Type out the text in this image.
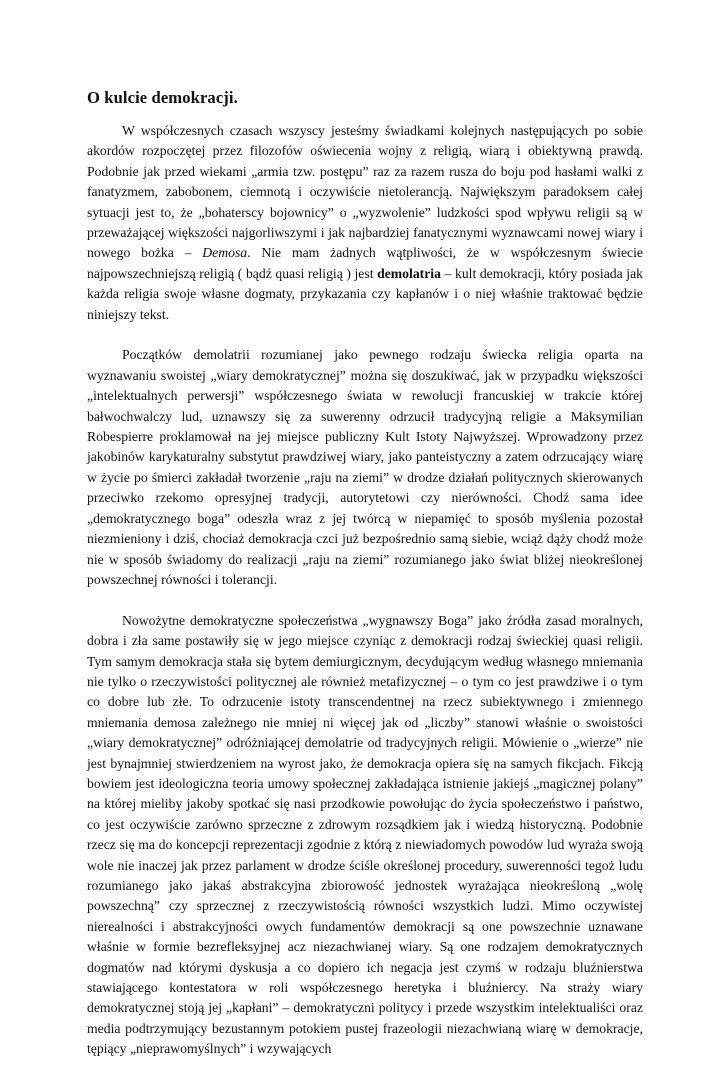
O kulcie demokracji.

W współczesnych czasach wszyscy jesteśmy świadkami kolejnych następujących po sobie akordów rozpoczętej przez filozofów oświecenia wojny z religią, wiarą i obiektywną prawdą. Podobnie jak przed wiekami „armia tzw. postępu” raz za razem rusza do boju pod hasłami walki z fanatyzmem, zabobonem, ciemnotą i oczywiście nietolerancją. Największym paradoksem całej sytuacji jest to, że „bohaterscy bojownicy” o „wyzwolenie” ludzkości spod wpływu religii są w przeważającej większości najgorliwszymi i jak najbardziej fanatycznymi wyznawcami nowej wiary i nowego bożka – Demosa. Nie mam żadnych wątpliwości, że w współczesnym świecie najpowszechniejszą religią ( bądź quasi religią ) jest demolatria – kult demokracji, który posiada jak każda religia swoje własne dogmaty, przykazania czy kapłanów i o niej właśnie traktować będzie niniejszy tekst.

Początków demolatrii rozumianej jako pewnego rodzaju świecka religia oparta na wyznawaniu swoistej „wiary demokratycznej” można się doszukiwać, jak w przypadku większości „intelektualnych perwersji” współczesnego świata w rewolucji francuskiej w trakcie której bałwochwalczy lud, uznawszy się za suwerenny odrzucił tradycyjną religie a Maksymilian Robespierre proklamował na jej miejsce publiczny Kult Istoty Najwyższej. Wprowadzony przez jakobinów karykaturalny substytut prawdziwej wiary, jako panteistyczny a zatem odrzucający wiarę w życie po śmierci zakładał tworzenie „raju na ziemi” w drodze działań politycznych skierowanych przeciwko rzekomo opresyjnej tradycji, autorytetowi czy nierówności. Chodź sama idee „demokratycznego boga” odeszła wraz z jej twórcą w niepamięć to sposób myślenia pozostał niezmieniony i dziś, chociaż demokracja czci już bezpośrednio samą siebie, wciąż dąży chodź może nie w sposób świadomy do realizacji „raju na ziemi” rozumianego jako świat bliżej nieokreślonej powszechnej równości i tolerancji.

Nowożytne demokratyczne społeczeństwa „wygnawszy Boga” jako źródła zasad moralnych, dobra i zła same postawiły się w jego miejsce czyniąc z demokracji rodzaj świeckiej quasi religii. Tym samym demokracja stała się bytem demiurgicznym, decydującym według własnego mniemania nie tylko o rzeczywistości politycznej ale również metafizycznej – o tym co jest prawdziwe i o tym co dobre lub złe. To odrzucenie istoty transcendentnej na rzecz subiektywnego i zmiennego mniemania demosa zależnego nie mniej ni więcej jak od „liczby” stanowi właśnie o swoistości „wiary demokratycznej” odróżniającej demolatrie od tradycyjnych religii. Mówienie o „wierze” nie jest bynajmniej stwierdzeniem na wyrost jako, że demokracja opiera się na samych fikcjach. Fikcją bowiem jest ideologiczna teoria umowy społecznej zakładająca istnienie jakiejś „magicznej polany” na której mieliby jakoby spotkać się nasi przodkowie powołując do życia społeczeństwo i państwo, co jest oczywiście zarówno sprzeczne z zdrowym rozsądkiem jak i wiedzą historyczną. Podobnie rzecz się ma do koncepcji reprezentacji zgodnie z którą z niewiadomych powodów lud wyraża swoją wole nie inaczej jak przez parlament w drodze ściśle określonej procedury, suwerenności tegoż ludu rozumianego jako jakaś abstrakcyjna zbiorowość jednostek wyrażająca nieokreśloną „wolę powszechną” czy sprzecznej z rzeczywistością równości wszystkich ludzi. Mimo oczywistej nierealności i abstrakcyjności owych fundamentów demokracji są one powszechnie uznawane właśnie w formie bezrefleksyjnej acz niezachwianej wiary. Są one rodzajem demokratycznych dogmatów nad którymi dyskusja a co dopiero ich negacja jest czymś w rodzaju bluźnierstwa stawiającego kontestatora w roli współczesnego heretyka i bluźniercy. Na straży wiary demokratycznej stoją jej „kapłani” – demokratyczni politycy i przede wszystkim intelektualiści oraz media podtrzymujący bezustannym potokiem pustej frazeologii niezachwianą wiarę w demokracje, tępiący „nieprawomyślnych” i wzywających
